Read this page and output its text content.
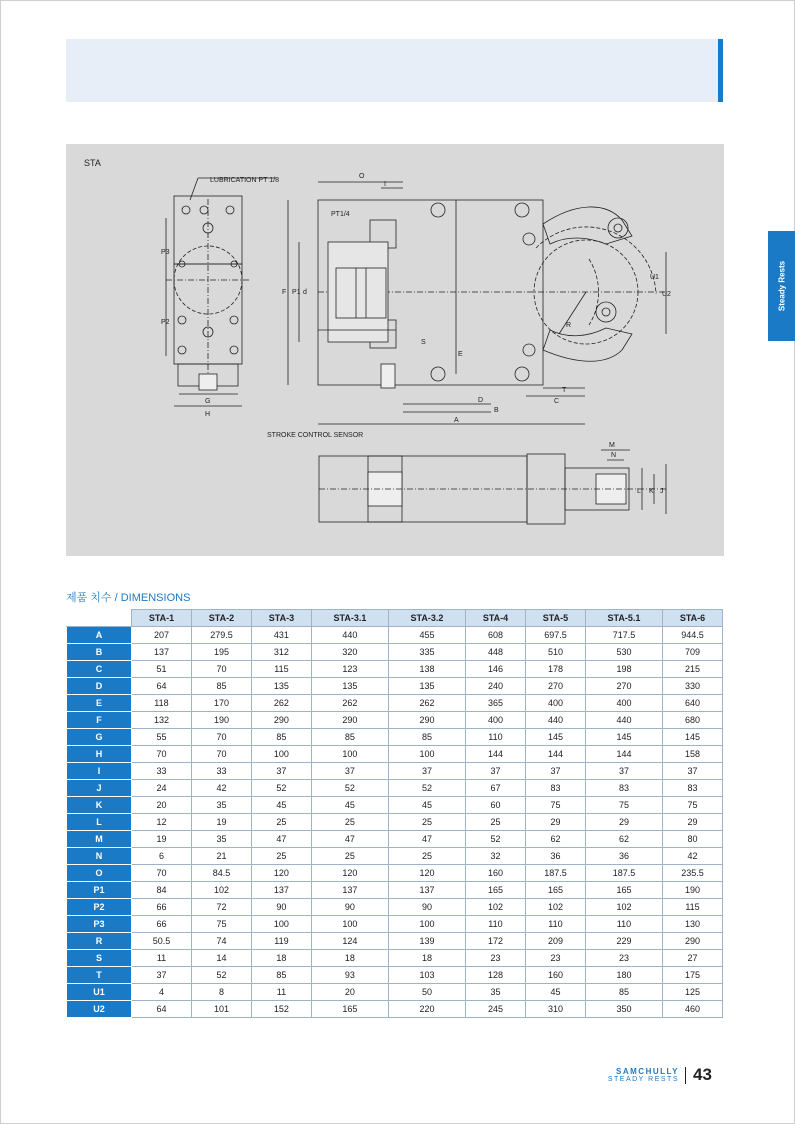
Steady Rests
STA
LUBRICATION PT 1/8
PT1/4
STROKE CONTROL SENSOR
O
I
P3
P2
G
H
F P1 d
S
E
D
B
A
C
T
U1
U2
R
M
N
L K J
제품 치수 / DIMENSIONS
	STA-1	STA-2	STA-3	STA-3.1	STA-3.2	STA-4	STA-5	STA-5.1	STA-6
A	207	279.5	431	440	455	608	697.5	717.5	944.5
B	137	195	312	320	335	448	510	530	709
C	51	70	115	123	138	146	178	198	215
D	64	85	135	135	135	240	270	270	330
E	118	170	262	262	262	365	400	400	640
F	132	190	290	290	290	400	440	440	680
G	55	70	85	85	85	110	145	145	145
H	70	70	100	100	100	144	144	144	158
I	33	33	37	37	37	37	37	37	37
J	24	42	52	52	52	67	83	83	83
K	20	35	45	45	45	60	75	75	75
L	12	19	25	25	25	25	29	29	29
M	19	35	47	47	47	52	62	62	80
N	6	21	25	25	25	32	36	36	42
O	70	84.5	120	120	120	160	187.5	187.5	235.5
P1	84	102	137	137	137	165	165	165	190
P2	66	72	90	90	90	102	102	102	115
P3	66	75	100	100	100	110	110	110	130
R	50.5	74	119	124	139	172	209	229	290
S	11	14	18	18	18	23	23	23	27
T	37	52	85	93	103	128	160	180	175
U1	4	8	11	20	50	35	45	85	125
U2	64	101	152	165	220	245	310	350	460
SAMCHULLY
STEADY RESTS 43
